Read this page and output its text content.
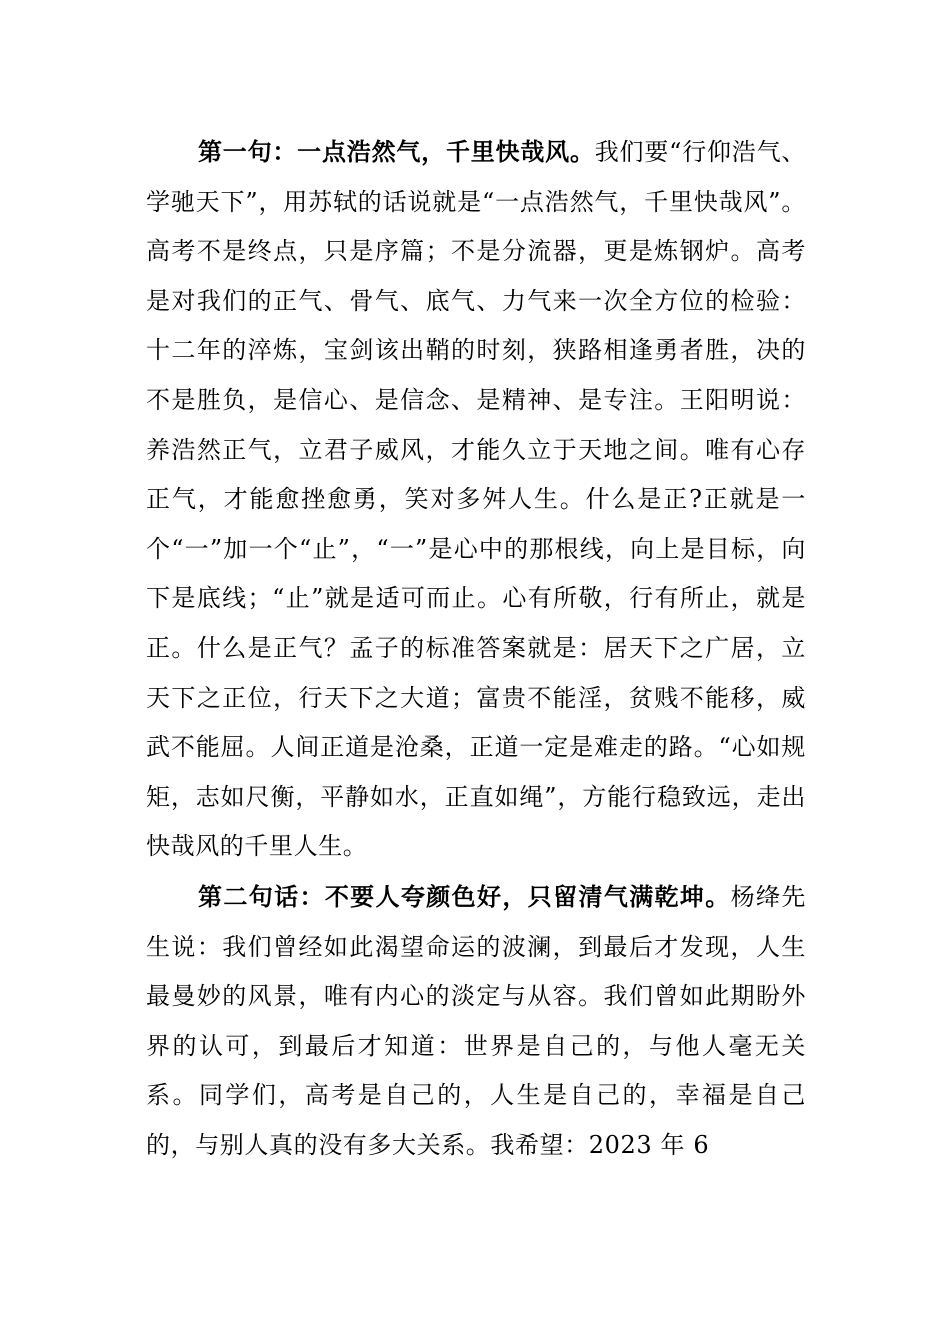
第一句：一点浩然气，千里快哉风。我们要“行仰浩气、学驰天下”，用苏轼的话说就是“一点浩然气，千里快哉风”。高考不是终点，只是序篇；不是分流器，更是炼钢炉。高考是对我们的正气、骨气、底气、力气来一次全方位的检验：十二年的淬炼，宝剑该出鞘的时刻，狭路相逢勇者胜，决的不是胜负，是信心、是信念、是精神、是专注。王阳明说：养浩然正气，立君子威风，才能久立于天地之间。唯有心存正气，才能愈挫愈勇，笑对多舛人生。什么是正?正就是一个“一”加一个“止”，“一”是心中的那根线，向上是目标，向下是底线；“止”就是适可而止。心有所敬，行有所止，就是正。什么是正气？孟子的标准答案就是：居天下之广居，立天下之正位，行天下之大道；富贵不能淫，贫贱不能移，威武不能屈。人间正道是沧桑，正道一定是难走的路。“心如规矩，志如尺衡，平静如水，正直如绳”，方能行稳致远，走出快哉风的千里人生。

第二句话：不要人夸颜色好，只留清气满乾坤。杨绛先生说：我们曾经如此渴望命运的波澜，到最后才发现，人生最曼妙的风景，唯有内心的淡定与从容。我们曾如此期盼外界的认可，到最后才知道：世界是自己的，与他人毫无关系。同学们，高考是自己的，人生是自己的，幸福是自己的，与别人真的没有多大关系。我希望：2023 年 6
